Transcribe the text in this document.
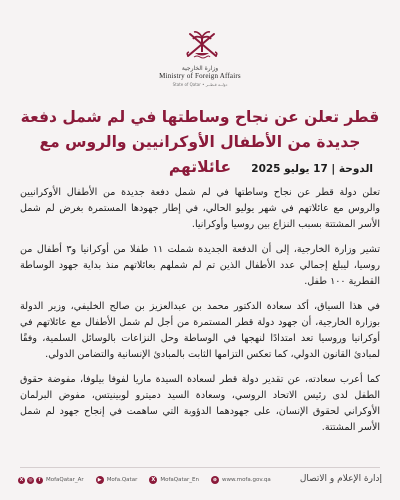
وزارة الخارجية
Ministry of Foreign Affairs
State of Qatar • دولــة قـطــر
قطر تعلن عن نجاح وساطتها في لم شمل دفعة
جديدة من الأطفال الأوكرانيين والروس مع عائلاتهم	الدوحة | 17 يوليو 2025

تعلن دولة قطر عن نجاح وساطتها في لم شمل دفعة جديدة من الأطفال الأوكرانيين والروس مع عائلاتهم في شهر يوليو الحالي، في إطار جهودها المستمرة بغرض لم شمل الأسر المشتتة بسبب النزاع بين روسيا وأوكرانيا.

تشير وزارة الخارجية، إلى أن الدفعة الجديدة شملت ١١ طفلا من أوكرانيا و٣ أطفال من روسيا، ليبلغ إجمالي عدد الأطفال الذين تم لم شملهم بعائلاتهم منذ بداية جهود الوساطة القطرية ١٠٠ طفل.

في هذا السياق، أكد سعادة الدكتور محمد بن عبدالعزيز بن صالح الخليفي، وزير الدولة بوزارة الخارجية، أن جهود دولة قطر المستمرة من أجل لم شمل الأطفال مع عائلاتهم في أوكرانيا وروسيا تعد امتدادًا لنهجها في الوساطة وحل النزاعات بالوسائل السلمية، وفقًا لمبادئ القانون الدولي، كما تعكس التزامها الثابت بالمبادئ الإنسانية والتضامن الدولي.

كما أعرب سعادته، عن تقدير دولة قطر لسعادة السيدة ماريا لفوفا بيلوفا، مفوضة حقوق الطفل لدى رئيس الاتحاد الروسي، وسعادة السيد دميترو لوبينيتس، مفوض البرلمان الأوكراني لحقوق الإنسان، على جهودهما الدؤوبة التي ساهمت في إنجاح جهود لم شمل الأسر المشتتة.

X	◎	f	MofaQatar_Ar	▶ Mofa.Qatar	X MofaQatar_En	⊕ www.mofa.gov.qa	إدارة الإعلام و الاتصال
